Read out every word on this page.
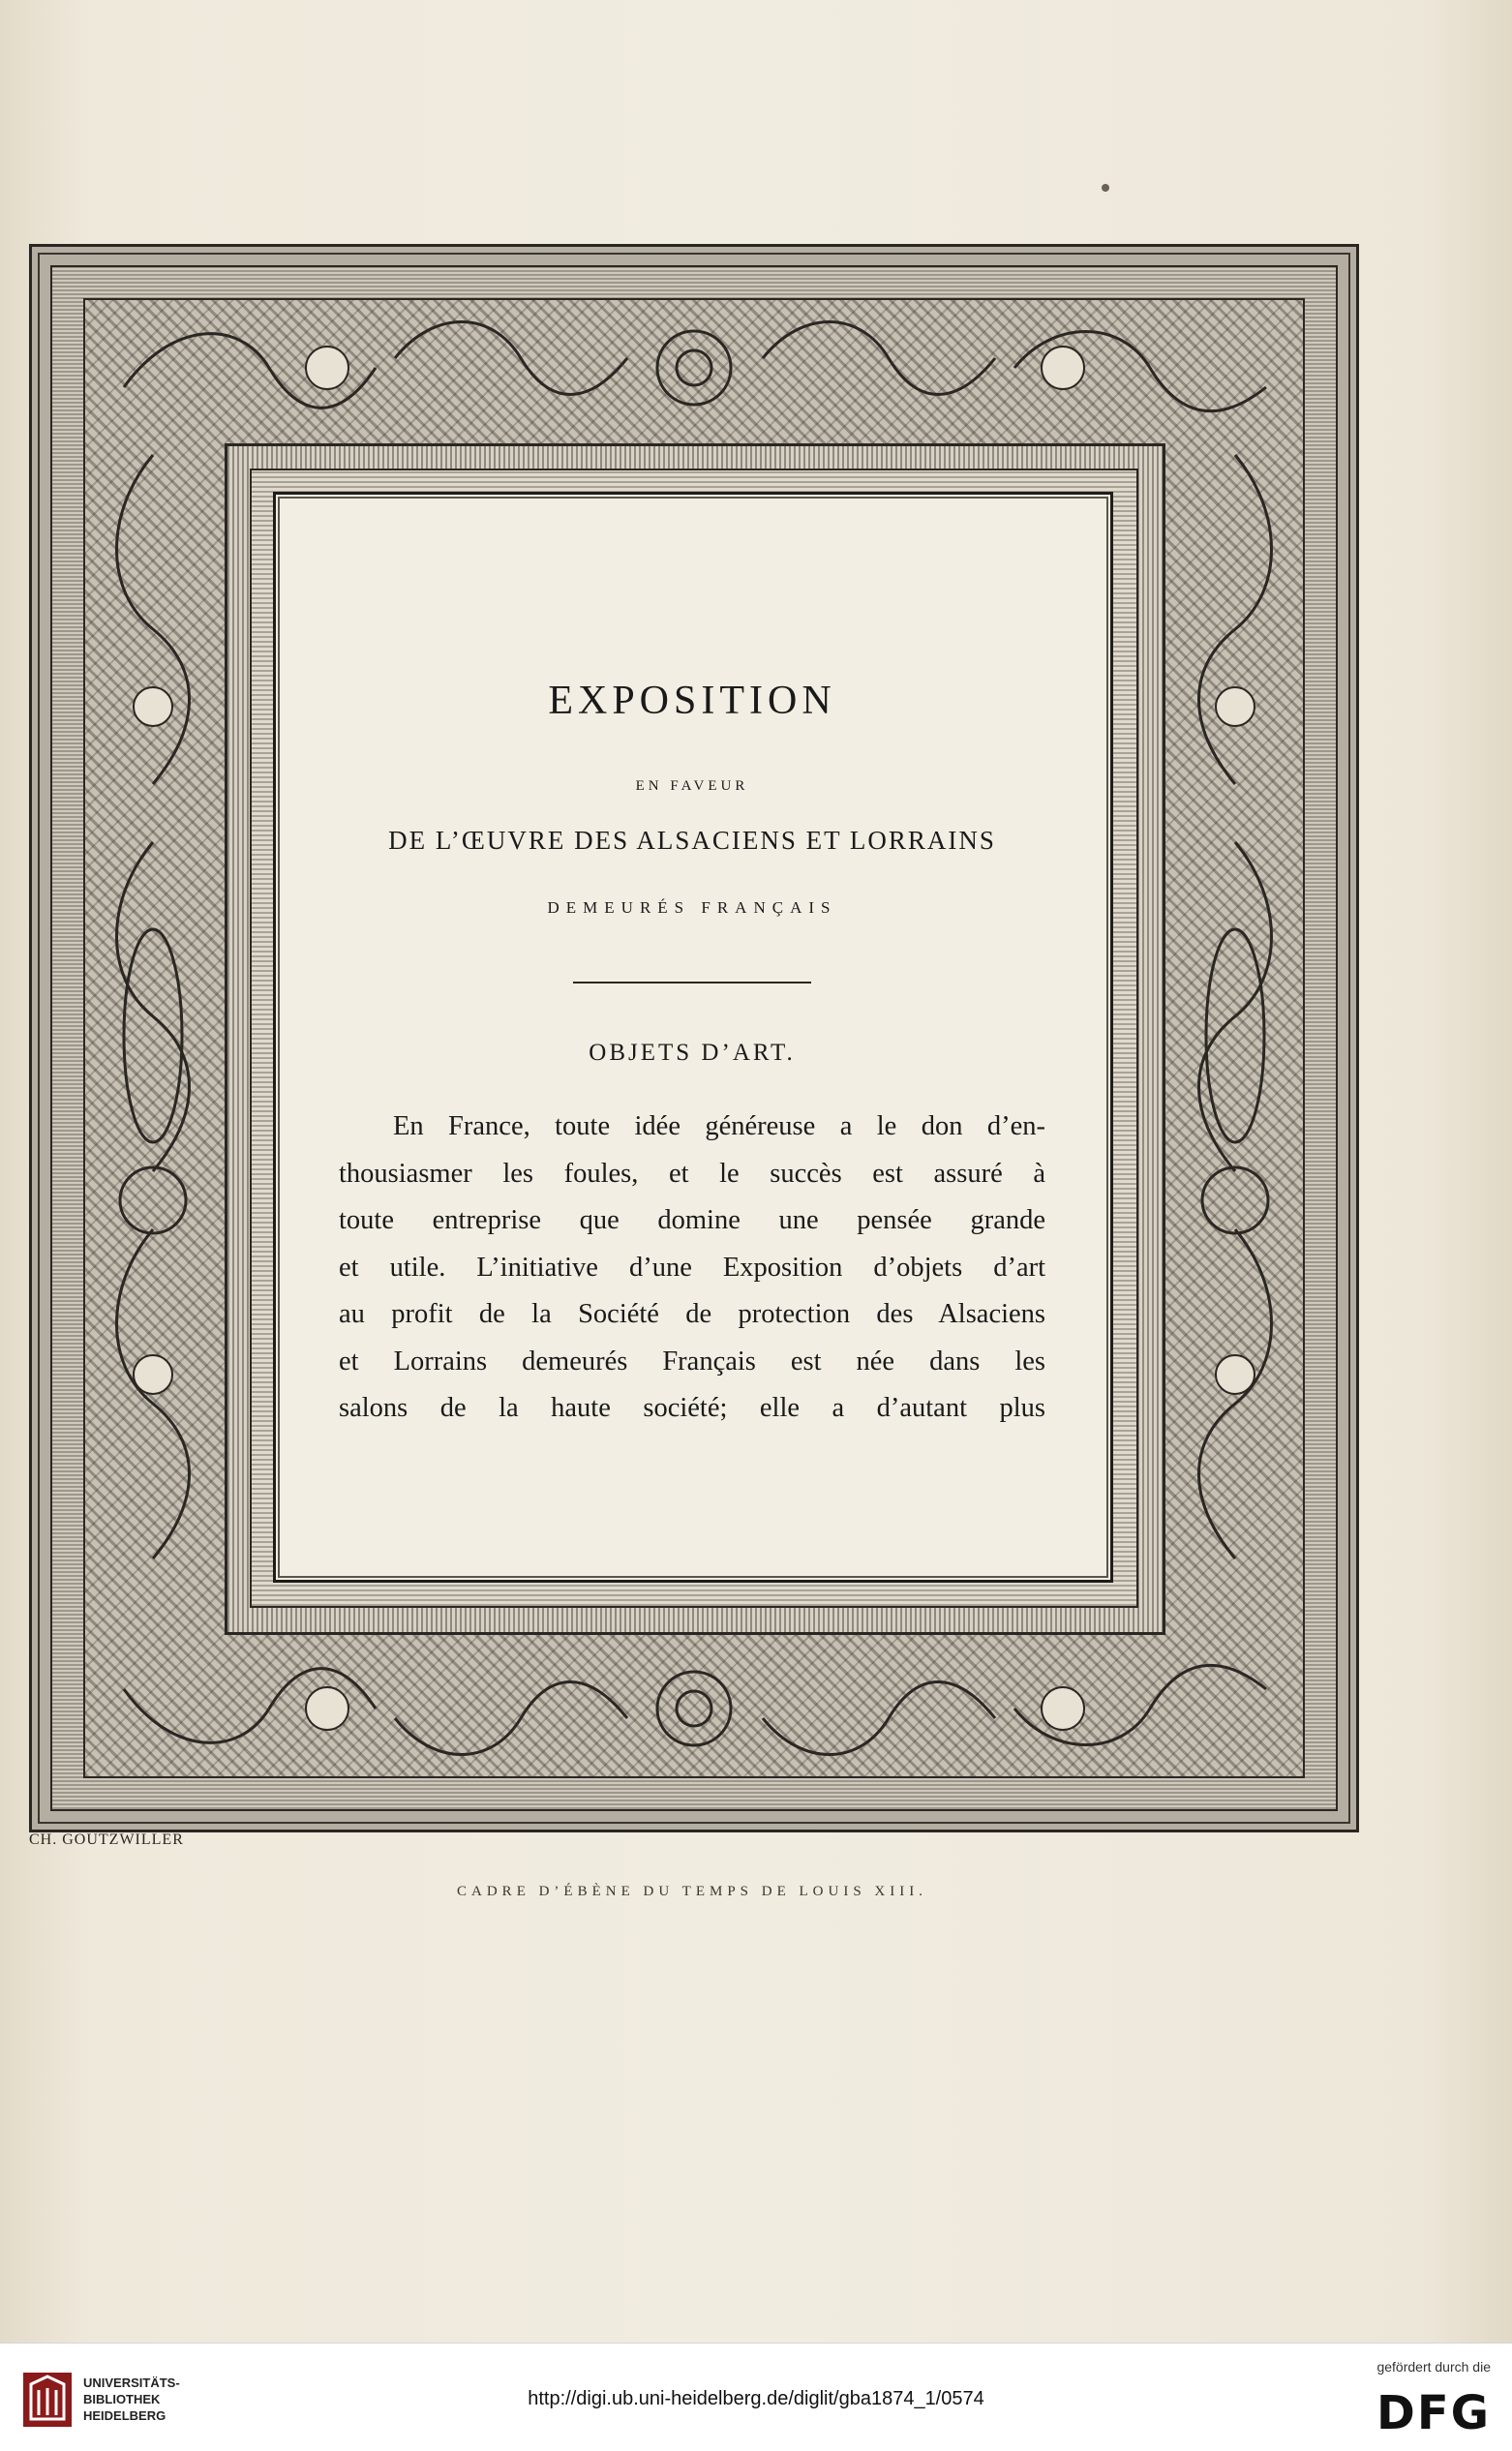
EXPOSITION
EN FAVEUR
DE L’ŒUVRE DES ALSACIENS ET LORRAINS
DEMEURÉS FRANÇAIS
OBJETS D’ART.
En France, toute idée généreuse a le don d’en-
thousiasmer les foules, et le succès est assuré à
toute entreprise que domine une pensée grande
et utile. L’initiative d’une Exposition d’objets d’art
au profit de la Société de protection des Alsaciens
et Lorrains demeurés Français est née dans les
salons de la haute société; elle a d’autant plus
CH. GOUTZWILLER
CADRE D’ÉBÈNE DU TEMPS DE LOUIS XIII.
UNIVERSITÄTS-
BIBLIOTHEK
HEIDELBERG
http://digi.ub.uni-heidelberg.de/diglit/gba1874_1/0574
gefördert durch die
DFG
